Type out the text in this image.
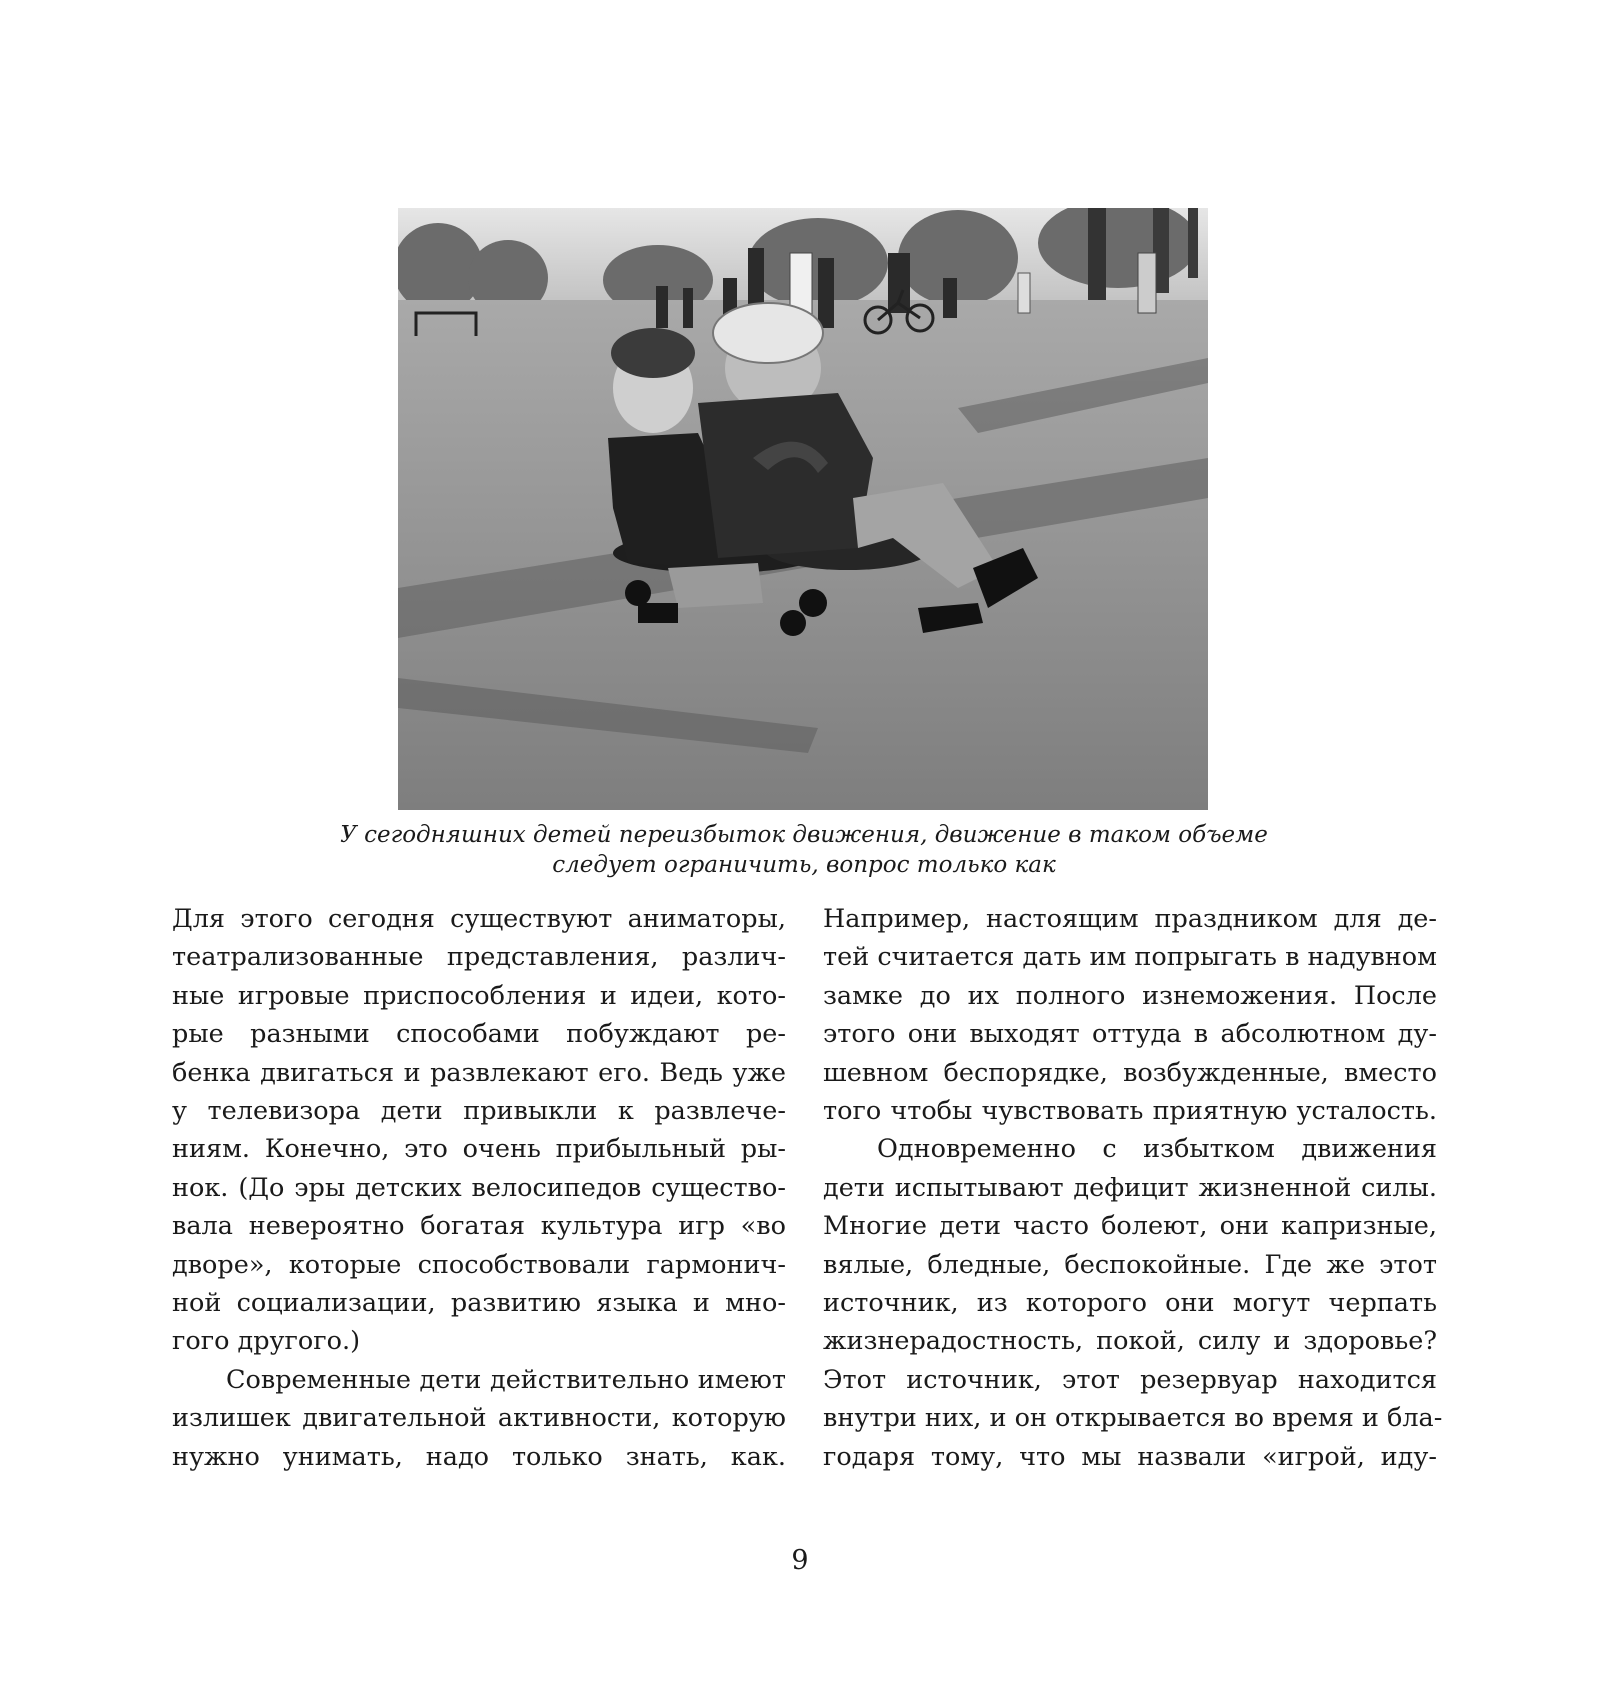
У сегодняшних детей переизбыток движения, движение в таком объеме
следует ограничить, вопрос только как

Для этого сегодня существуют аниматоры,
театрализованные представления, различ-
ные игровые приспособления и идеи, кото-
рые разными способами побуждают ре-
бенка двигаться и развлекают его. Ведь уже
у телевизора дети привыкли к развлече-
ниям. Конечно, это очень прибыльный ры-
нок. (До эры детских велосипедов существо-
вала невероятно богатая культура игр «во
дворе», которые способствовали гармонич-
ной социализации, развитию языка и мно-
гого другого.)

Современные дети действительно имеют
излишек двигательной активности, которую
нужно унимать, надо только знать, как.

Например, настоящим праздником для де-
тей считается дать им попрыгать в надувном
замке до их полного изнеможения. После
этого они выходят оттуда в абсолютном ду-
шевном беспорядке, возбужденные, вместо
того чтобы чувствовать приятную усталость.

Одновременно с избытком движения
дети испытывают дефицит жизненной силы.
Многие дети часто болеют, они капризные,
вялые, бледные, беспокойные. Где же этот
источник, из которого они могут черпать
жизнерадостность, покой, силу и здоровье?
Этот источник, этот резервуар находится
внутри них, и он открывается во время и бла-
годаря тому, что мы назвали «игрой, иду-

9
